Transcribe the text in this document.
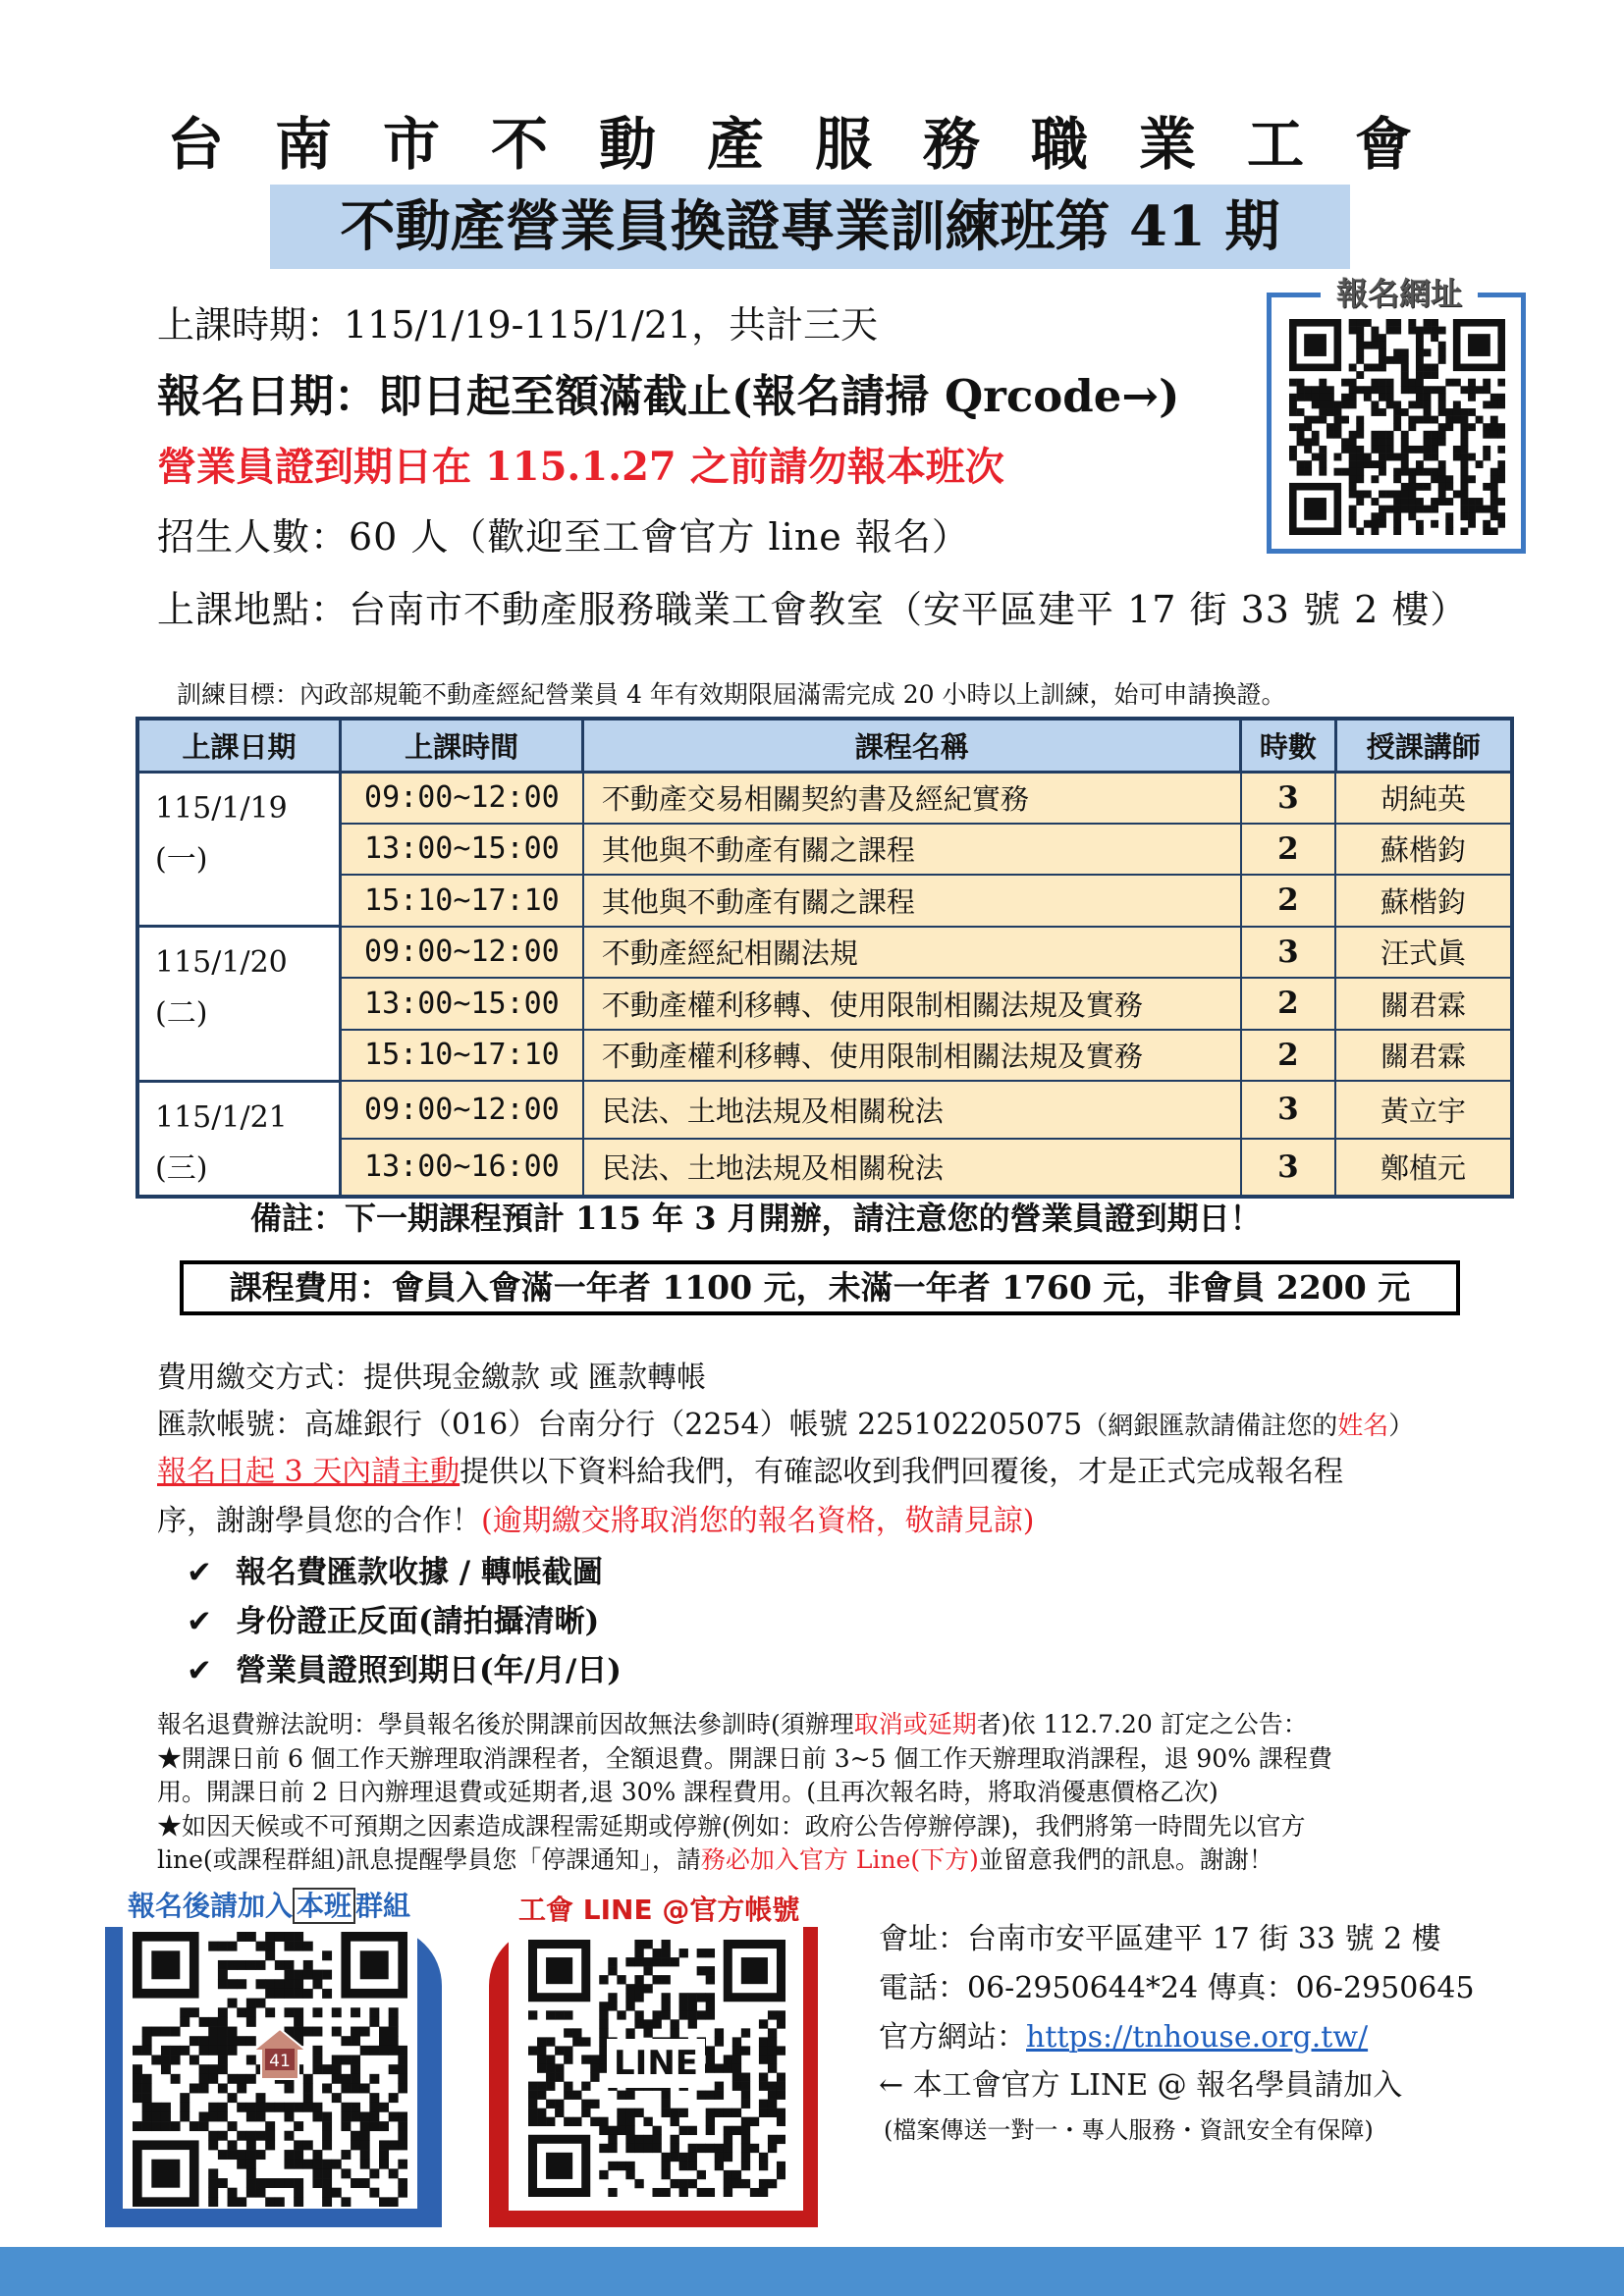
台南市不動產服務職業工會
不動產營業員換證專業訓練班第 41 期
上課時期：115/1/19-115/1/21，共計三天
報名日期：即日起至額滿截止(報名請掃 Qrcode→)
營業員證到期日在 115.1.27 之前請勿報本班次
招生人數：60 人（歡迎至工會官方 line 報名）
上課地點：台南市不動產服務職業工會教室（安平區建平 17 街 33 號 2 樓）
報名網址
訓練目標：內政部規範不動產經紀營業員 4 年有效期限屆滿需完成 20 小時以上訓練，始可申請換證。
上課日期	上課時間	課程名稱	時數	授課講師
115/1/19
(一)	09:00~12:00	不動產交易相關契約書及經紀實務	3	胡純英
	13:00~15:00	其他與不動產有關之課程	2	蘇楷鈞
	15:10~17:10	其他與不動產有關之課程	2	蘇楷鈞
115/1/20
(二)	09:00~12:00	不動產經紀相關法規	3	汪式眞
	13:00~15:00	不動產權利移轉、使用限制相關法規及實務	2	關君霖
	15:10~17:10	不動產權利移轉、使用限制相關法規及實務	2	關君霖
115/1/21
(三)	09:00~12:00	民法、土地法規及相關稅法	3	黃立宇
	13:00~16:00	民法、土地法規及相關稅法	3	鄭植元
備註：下一期課程預計 115 年 3 月開辦，請注意您的營業員證到期日！
課程費用：會員入會滿一年者 1100 元，未滿一年者 1760 元，非會員 2200 元
費用繳交方式：提供現金繳款 或 匯款轉帳
匯款帳號：高雄銀行（016）台南分行（2254）帳號 225102205075（網銀匯款請備註您的姓名）
報名日起 3 天內請主動提供以下資料給我們，有確認收到我們回覆後，才是正式完成報名程
序，謝謝學員您的合作！(逾期繳交將取消您的報名資格，敬請見諒)
✔ 報名費匯款收據 / 轉帳截圖
✔ 身份證正反面(請拍攝清晰)
✔ 營業員證照到期日(年/月/日)
報名退費辦法說明：學員報名後於開課前因故無法參訓時(須辦理取消或延期者)依 112.7.20 訂定之公告：
★開課日前 6 個工作天辦理取消課程者，全額退費。開課日前 3~5 個工作天辦理取消課程，退 90% 課程費
用。開課日前 2 日內辦理退費或延期者,退 30% 課程費用。(且再次報名時，將取消優惠價格乙次)
★如因天候或不可預期之因素造成課程需延期或停辦(例如：政府公告停辦停課)，我們將第一時間先以官方
line(或課程群組)訊息提醒學員您「停課通知」，請務必加入官方 Line(下方)並留意我們的訊息。謝謝！
報名後請加入 本班 群組
41
工會 LINE @官方帳號
LINE
會址：台南市安平區建平 17 街 33 號 2 樓
電話：06-2950644*24 傳真：06-2950645
官方網站：https://tnhouse.org.tw/
← 本工會官方 LINE @ 報名學員請加入
(檔案傳送一對一・專人服務・資訊安全有保障)
